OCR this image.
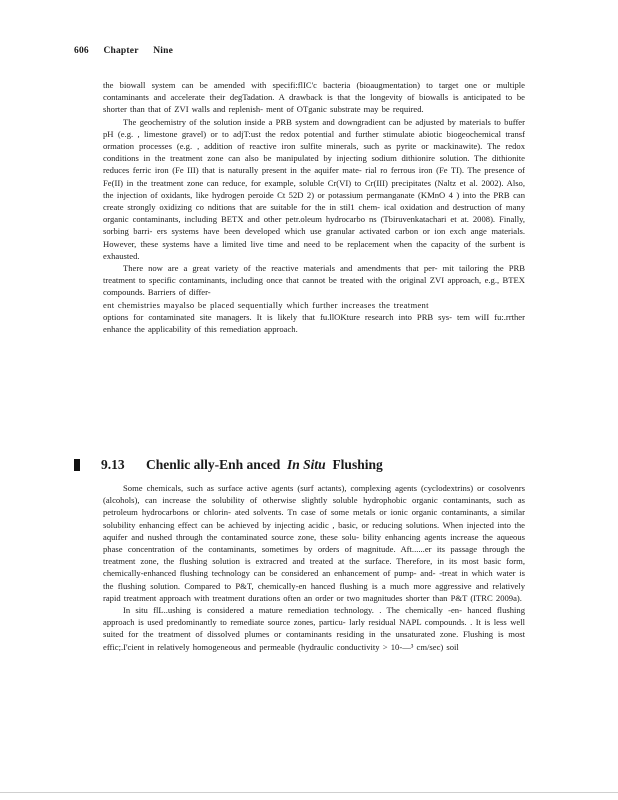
606 Chapter Nine

the biowall system can be amended with specifi:flIC'c bacteria (bioaugmentation) to target one or multiple contaminants and accelerate their degTadation. A drawback is that the longevity of biowalls is anticipated to be shorter than that of ZVI walls and replenish- ment of OTganic substrate may be required.

The geochemistry of the solution inside a PRB system and downgradient can be adjusted by materials to buffer pH (e.g. , limestone gravel) or to adjT:ust the redox potential and further stimulate abiotic biogeochemical transf ormation processes (e.g. , addition of reactive iron sulfite minerals, such as pyrite or mackinawite). The redox conditions in the treatment zone can also be manipulated by injecting sodium dithionire solution. The dithionite reduces ferric iron (Fe III) that is naturally present in the aquifer mate- rial ro ferrous iron (Fe TI). The presence of Fe(II) in the treatment zone can reduce, for example, soluble Cr(VI) to Cr(III) precipitates (Naltz et al. 2002). Also, the injection of oxidants, like hydrogen peroide Ct 52D 2) or potassium permanganate (KMnO 4 ) into the PRB can create strongly oxidizing co nditions that are suitable for the in stil1 chem- ical oxidation and destruction of many organic contaminants, including BETX and other petr.oleum hydrocarbo ns (Tbiruvenkatachari et at. 2008). Finally, sorbing barri- ers systems have been developed which use granular activated carbon or ion exch ange materials. However, these systems have a limited live time and need to be replacement when the capacity of the surbent is exhausted.

There now are a great variety of the reactive materials and amendments that per- mit tailoring the PRB treatment to specific contaminants, including once that cannot be treated with the original ZVI approach, e.g., BTEX compounds. Barriers of differ-

ent chemistries mayalso be placed sequentially which further increases the treatment

options for contaminated site managers. It is likely that fu.llOKture research into PRB sys- tem wiII fu:.rrther enhance the applicability of this remediation approach.

9.13 Chenlic ally-Enh anced In Situ Flushing

Some chemicals, such as surface active agents (surf actants), complexing agents (cyclodextrins) or cosolvenrs (alcohols), can increase the solubility of otherwise slightly soluble hydrophobic organic contaminants, such as petroleum hydrocarbons or chlorin- ated solvents. Tn case of some metals or ionic organic contaminants, a similar solubility enhancing effect can be achieved by injecting acidic , basic, or reducing solutions. When injected into the aquifer and nushed through the contaminated source zone, these solu- bility enhancing agents increase the aqueous phase concentration of the contaminants, sometimes by orders of magnitude. Aft......er its passage through the treatment zone, the flushing solution is extracred and treated at the surface. Therefore, in its most basic form, chemically-enhanced flushing technology can be considered an enhancement of pump- and- -treat in which water is the flushing solution. Compared to P&T, chemically-en hanced flushing is a much more aggressive and relatively rapid treatment approach with treatment durations often an order or two magnitudes shorter than P&T (ITRC 2009a).

In situ flL..ushing is considered a mature remediation technology. . The chemically -en- hanced flushing approach is used predominantly to remediate source zones, particu- larly residual NAPL compounds. . It is less well suited for the treatment of dissolved plumes or contaminants residing in the unsaturated zone. Flushing is most effic;.I'cient in relatively homogeneous and permeable (hydraulic conductivity > 10-—³ cm/sec) soil
